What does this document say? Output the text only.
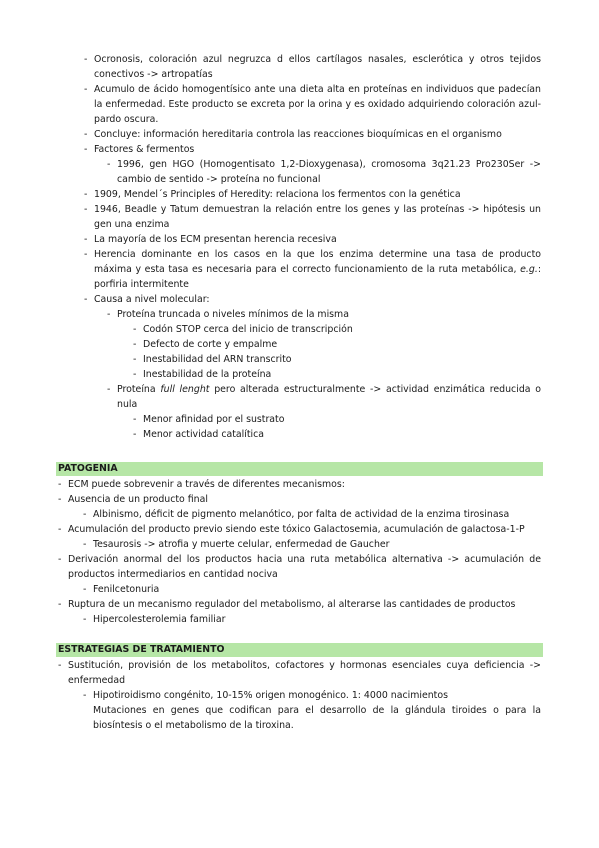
- Ocronosis, coloración azul negruzca d ellos cartílagos nasales, esclerótica y otros tejidos conectivos -> artropatías
- Acumulo de ácido homogentísico ante una dieta alta en proteínas en individuos que padecían la enfermedad. Este producto se excreta por la orina y es oxidado adquiriendo coloración azul-pardo oscura.
- Concluye: información hereditaria controla las reacciones bioquímicas en el organismo
- Factores & fermentos
- 1996, gen HGO (Homogentisato 1,2-Dioxygenasa), cromosoma 3q21.23 Pro230Ser -> cambio de sentido -> proteína no funcional
- 1909, Mendel´s Principles of Heredity: relaciona los fermentos con la genética
- 1946, Beadle y Tatum demuestran la relación entre los genes y las proteínas -> hipótesis un gen una enzima
- La mayoría de los ECM presentan herencia recesiva
- Herencia dominante en los casos en la que los enzima determine una tasa de producto máxima y esta tasa es necesaria para el correcto funcionamiento de la ruta metabólica, e.g.: porfiria intermitente
- Causa a nivel molecular:
- Proteína truncada o niveles mínimos de la misma
- Codón STOP cerca del inicio de transcripción
- Defecto de corte y empalme
- Inestabilidad del ARN transcrito
- Inestabilidad de la proteína
- Proteína full lenght pero alterada estructuralmente -> actividad enzimática reducida o nula
- Menor afinidad por el sustrato
- Menor actividad catalítica
PATOGENIA
- ECM puede sobrevenir a través de diferentes mecanismos:
- Ausencia de un producto final
- Albinismo, déficit de pigmento melanótico, por falta de actividad de la enzima tirosinasa
- Acumulación del producto previo siendo este tóxico Galactosemia, acumulación de galactosa-1-P
- Tesaurosis -> atrofia y muerte celular, enfermedad de Gaucher
- Derivación anormal del los productos hacia una ruta metabólica alternativa -> acumulación de productos intermediarios en cantidad nociva
- Fenilcetonuria
- Ruptura de un mecanismo regulador del metabolismo, al alterarse las cantidades de productos
- Hipercolesterolemia familiar
ESTRATEGIAS DE TRATAMIENTO
- Sustitución, provisión de los metabolitos, cofactores y hormonas esenciales cuya deficiencia -> enfermedad
- Hipotiroidismo congénito, 10-15% origen monogénico. 1: 4000 nacimientos
Mutaciones en genes que codifican para el desarrollo de la glándula tiroides o para la biosíntesis o el metabolismo de la tiroxina.
